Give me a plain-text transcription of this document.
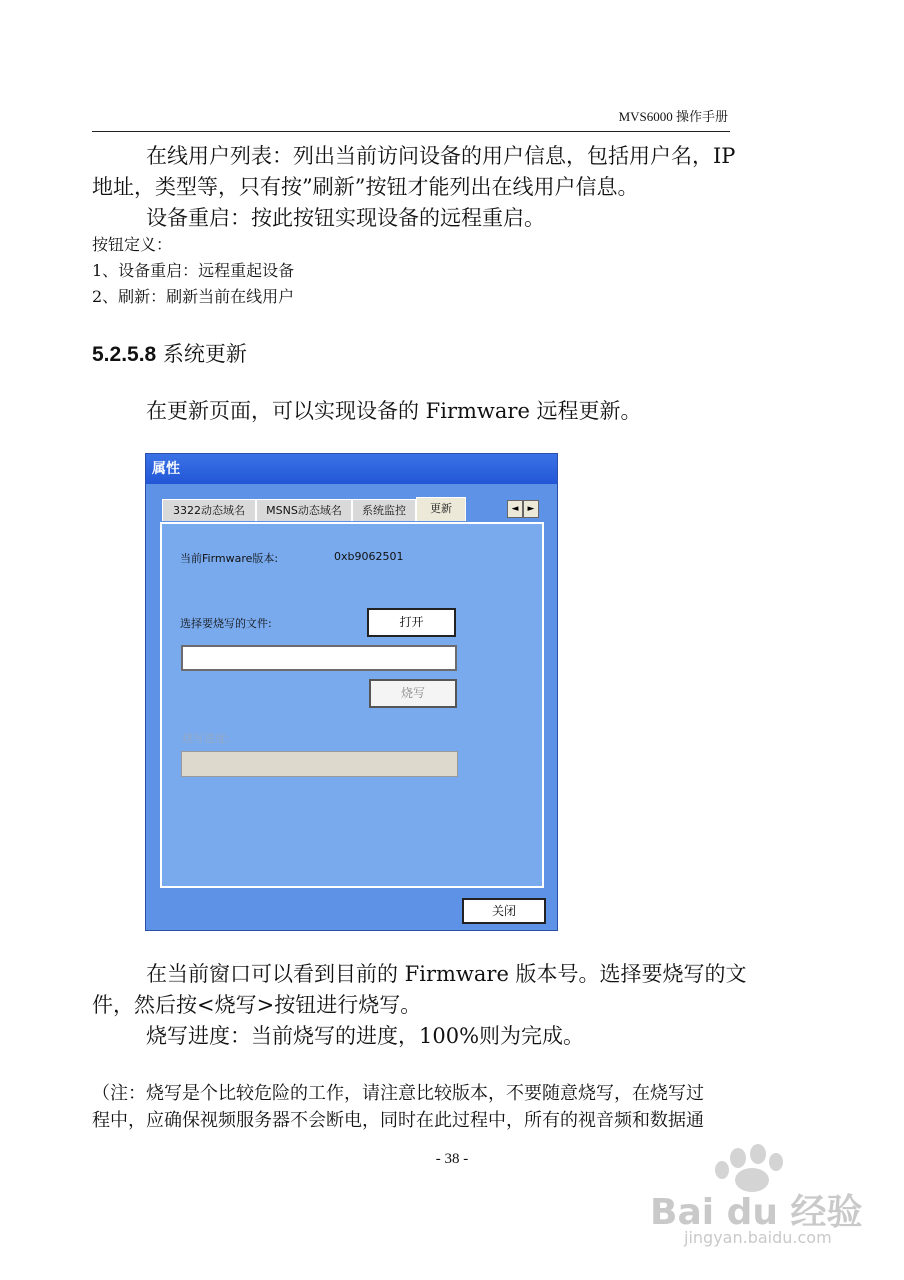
MVS6000 操作手册
在线用户列表：列出当前访问设备的用户信息，包括用户名，IP
地址，类型等，只有按”刷新”按钮才能列出在线用户信息。
设备重启：按此按钮实现设备的远程重启。
按钮定义：
1、设备重启：远程重起设备
2、刷新：刷新当前在线用户
5.2.5.8 系统更新
在更新页面，可以实现设备的 Firmware 远程更新。
属性
3322动态域名	MSNS动态域名	系统监控	更新	◄	►
当前Firmware版本:	0xb9062501
选择要烧写的文件:	打开
烧写
烧写进度:
关闭
在当前窗口可以看到目前的 Firmware 版本号。选择要烧写的文
件，然后按<烧写>按钮进行烧写。
烧写进度：当前烧写的进度，100%则为完成。
（注：烧写是个比较危险的工作，请注意比较版本，不要随意烧写，在烧写过
程中，应确保视频服务器不会断电，同时在此过程中，所有的视音频和数据通
- 38 -
Bai du 经验
jingyan.baidu.com
